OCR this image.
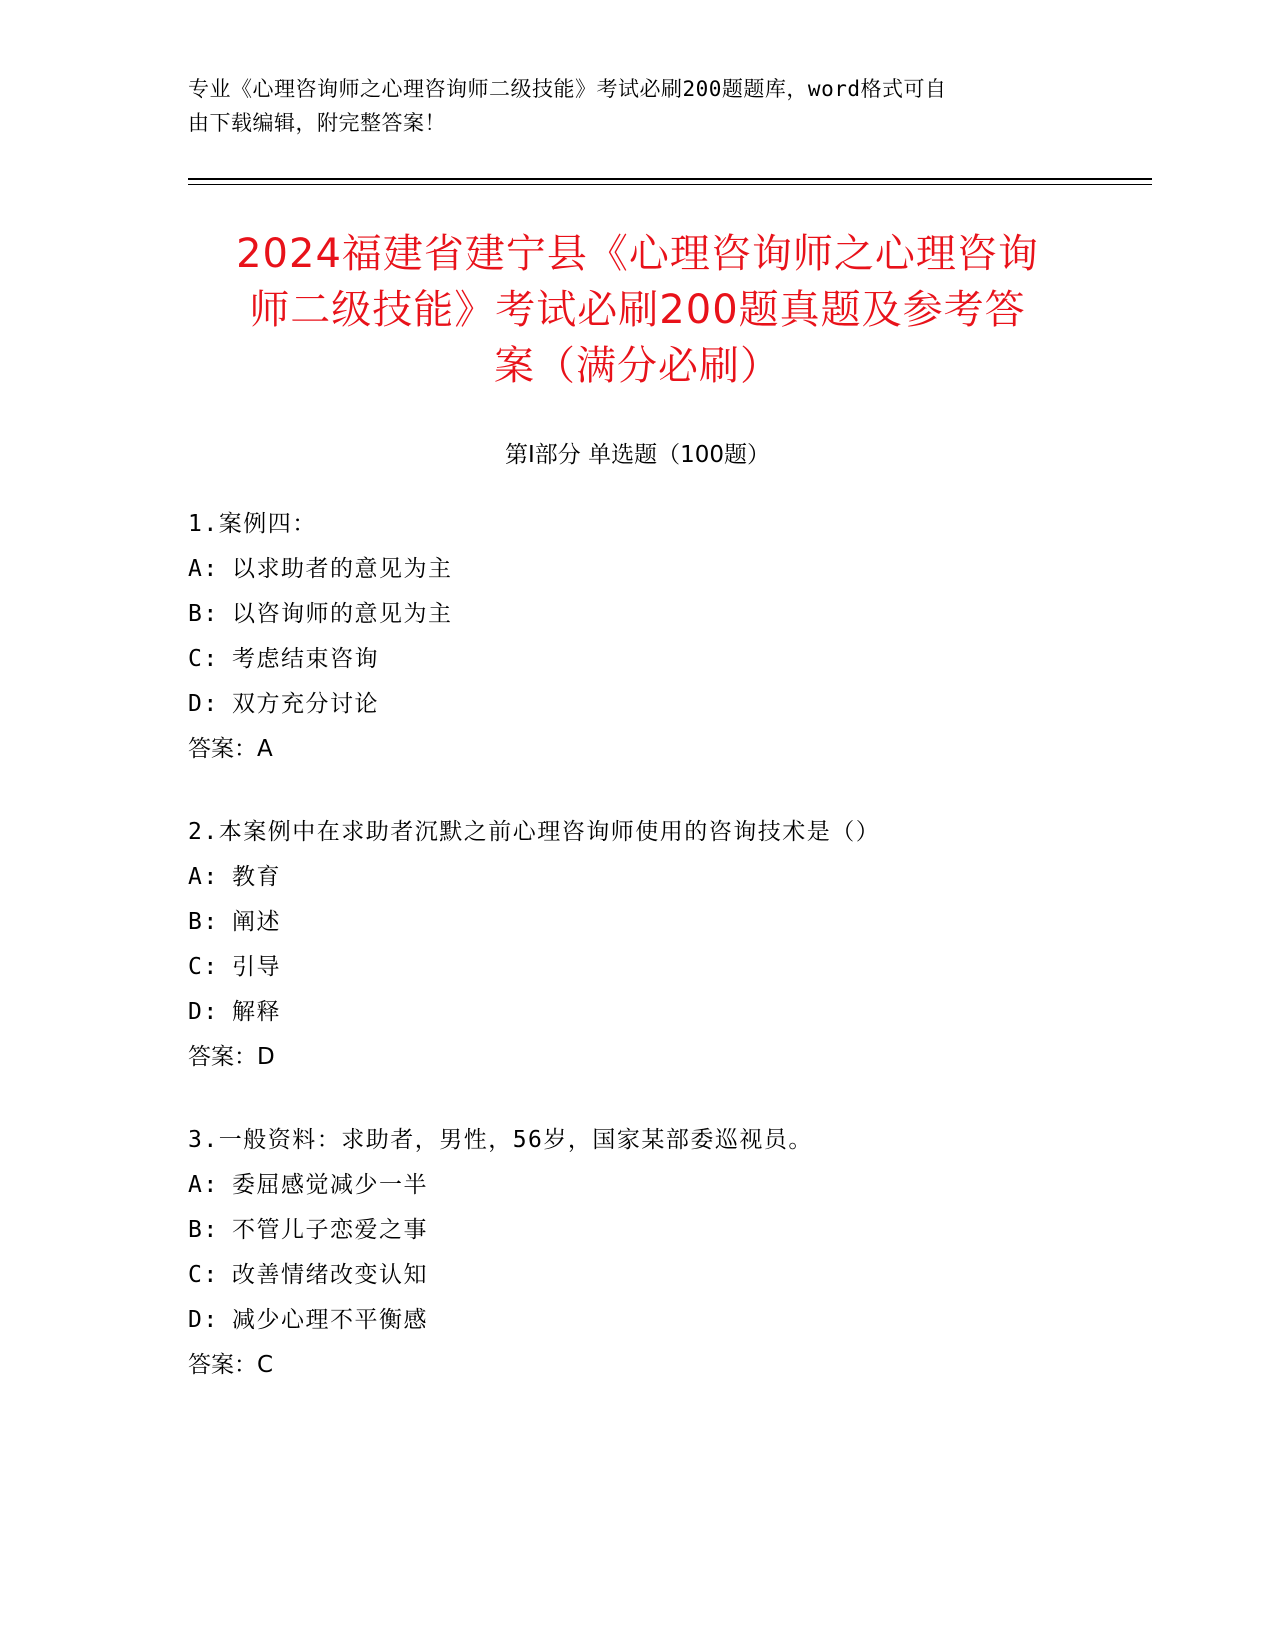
专业《心理咨询师之心理咨询师二级技能》考试必刷200题题库，word格式可自
由下载编辑，附完整答案！
2024福建省建宁县《心理咨询师之心理咨询
师二级技能》考试必刷200题真题及参考答
案（满分必刷）
第Ⅰ部分 单选题（100题）
1.案例四：
A: 以求助者的意见为主
B: 以咨询师的意见为主
C: 考虑结束咨询
D: 双方充分讨论
答案：A
2.本案例中在求助者沉默之前心理咨询师使用的咨询技术是（）
A: 教育
B: 阐述
C: 引导
D: 解释
答案：D
3.一般资料：求助者，男性，56岁，国家某部委巡视员。
A: 委屈感觉减少一半
B: 不管儿子恋爱之事
C: 改善情绪改变认知
D: 减少心理不平衡感
答案：C
